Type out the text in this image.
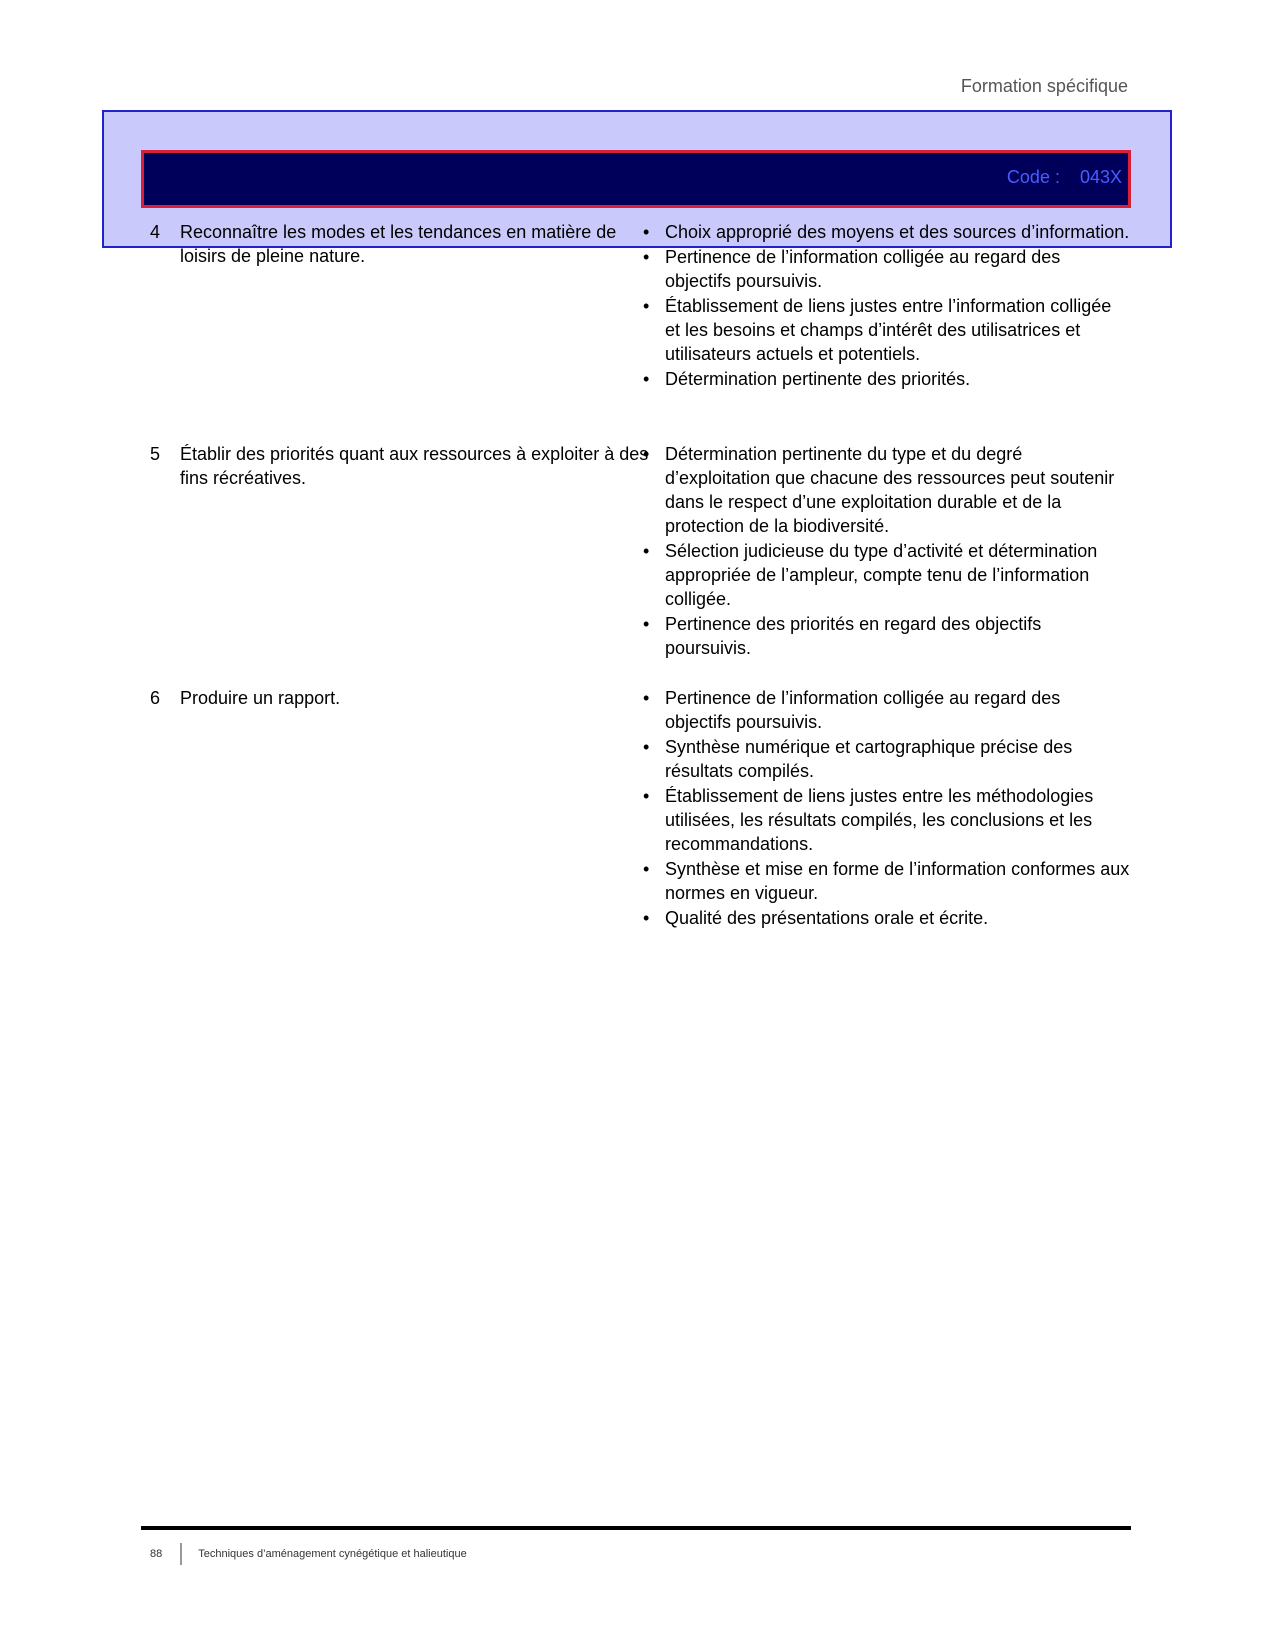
Formation spécifique
Code :    043X
4	Reconnaître les modes et les tendances en matière de loisirs de pleine nature.
• Choix approprié des moyens et des sources d’information.
• Pertinence de l’information colligée au regard des objectifs poursuivis.
• Établissement de liens justes entre l’information colligée et les besoins et champs d’intérêt des utilisatrices et utilisateurs actuels et potentiels.
• Détermination pertinente des priorités.
5	Établir des priorités quant aux ressources à exploiter à des fins récréatives.
• Détermination pertinente du type et du degré d’exploitation que chacune des ressources peut soutenir dans le respect d’une exploitation durable et de la protection de la biodiversité.
• Sélection judicieuse du type d’activité et détermination appropriée de l’ampleur, compte tenu de l’information colligée.
• Pertinence des priorités en regard des objectifs poursuivis.
6	Produire un rapport.
•	Pertinence de l’information colligée au regard des objectifs poursuivis.
• Synthèse numérique et cartographique précise des résultats compilés.
• Établissement de liens justes entre les méthodologies utilisées, les résultats compilés, les conclusions et les recommandations.
• Synthèse et mise en forme de l’information conformes aux normes en vigueur.
• Qualité des présentations orale et écrite.
88	Techniques d’aménagement cynégétique et halieutique
